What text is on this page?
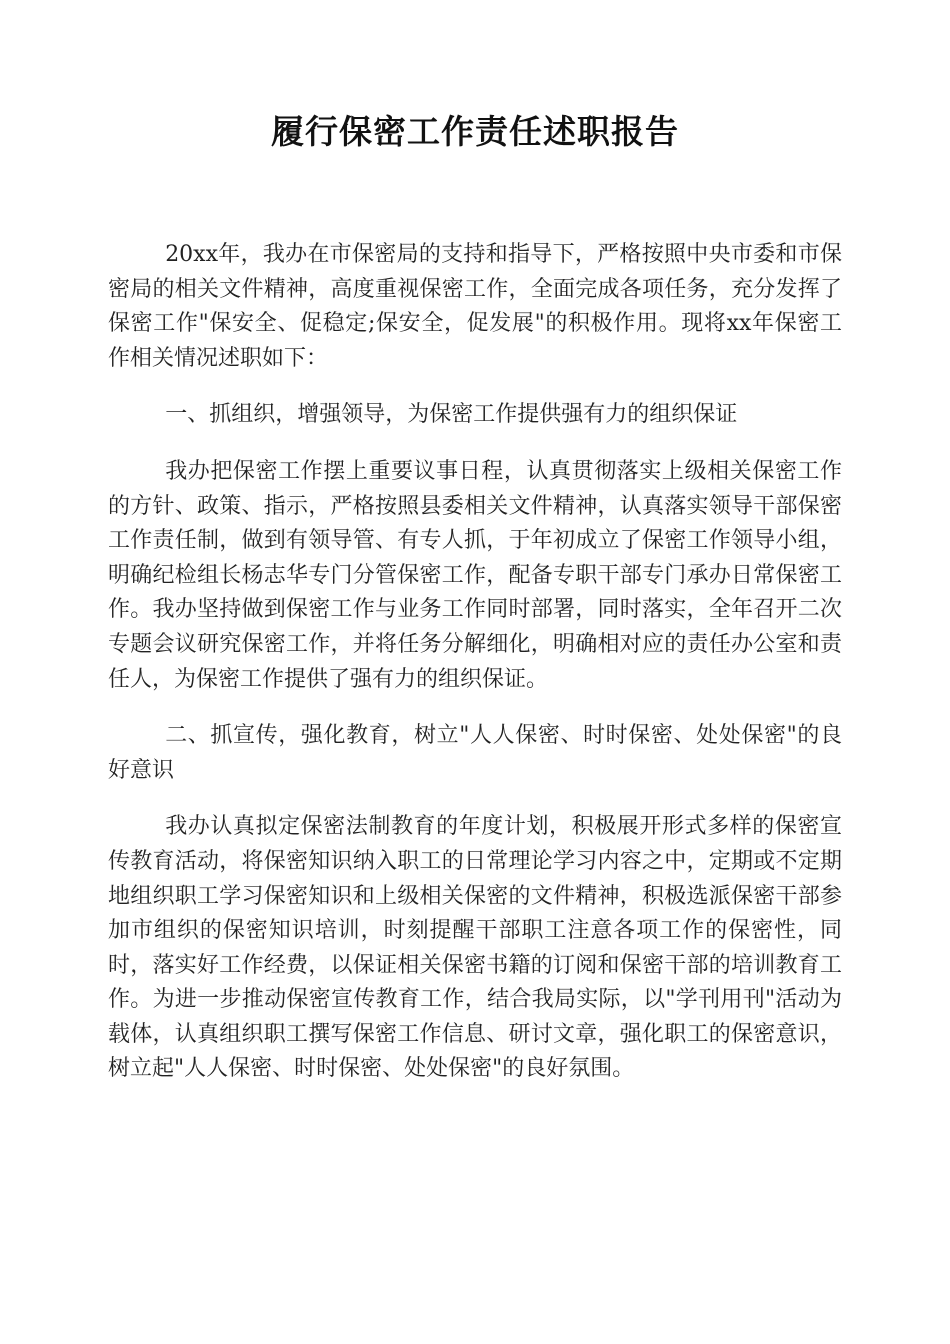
履行保密工作责任述职报告

20xx年，我办在市保密局的支持和指导下，严格按照中央市委和市保密局的相关文件精神，高度重视保密工作，全面完成各项任务，充分发挥了保密工作"保安全、促稳定;保安全，促发展"的积极作用。现将xx年保密工作相关情况述职如下：

一、抓组织，增强领导，为保密工作提供强有力的组织保证

我办把保密工作摆上重要议事日程，认真贯彻落实上级相关保密工作的方针、政策、指示，严格按照县委相关文件精神，认真落实领导干部保密工作责任制，做到有领导管、有专人抓，于年初成立了保密工作领导小组，明确纪检组长杨志华专门分管保密工作，配备专职干部专门承办日常保密工作。我办坚持做到保密工作与业务工作同时部署，同时落实，全年召开二次专题会议研究保密工作，并将任务分解细化，明确相对应的责任办公室和责任人，为保密工作提供了强有力的组织保证。

二、抓宣传，强化教育，树立"人人保密、时时保密、处处保密"的良好意识

我办认真拟定保密法制教育的年度计划，积极展开形式多样的保密宣传教育活动，将保密知识纳入职工的日常理论学习内容之中，定期或不定期地组织职工学习保密知识和上级相关保密的文件精神，积极选派保密干部参加市组织的保密知识培训，时刻提醒干部职工注意各项工作的保密性，同时，落实好工作经费，以保证相关保密书籍的订阅和保密干部的培训教育工作。为进一步推动保密宣传教育工作，结合我局实际，以"学刊用刊"活动为载体，认真组织职工撰写保密工作信息、研讨文章，强化职工的保密意识，树立起"人人保密、时时保密、处处保密"的良好氛围。
